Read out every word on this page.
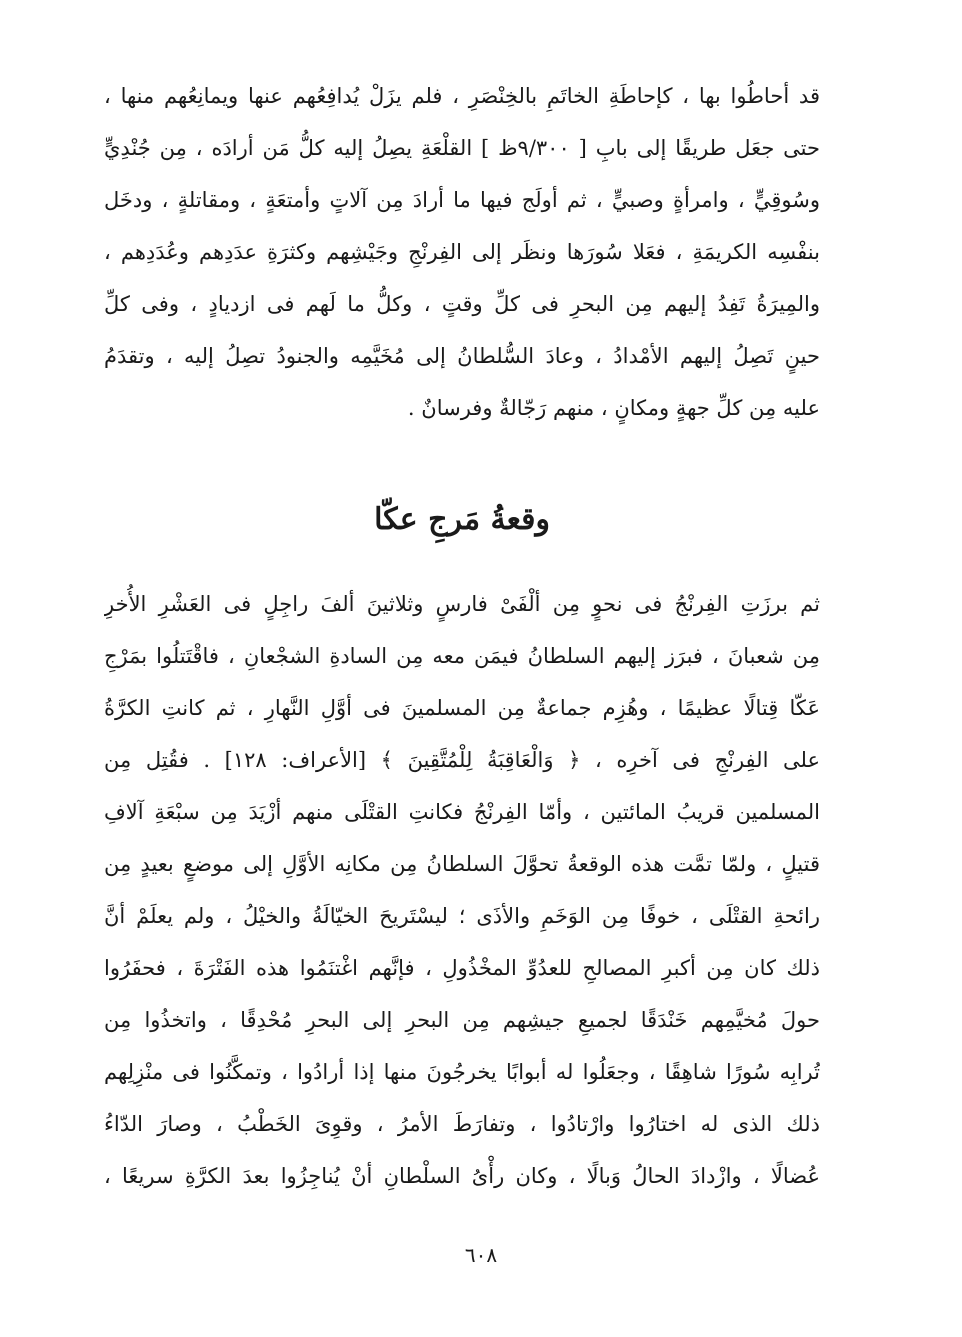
قد أحاطُوا بها ، كإحاطَةِ الخاتَمِ بالخِنْصَرِ ، فلم يزَلْ يُدافِعُهم عنها ويمانِعُهم منها ،
حتى جعَل طريقًا إلى بابِ [ ٩/٣٠٠ظ ] القلْعَةِ يصِلُ إليه كلُّ مَن أرادَه ، مِن جُنْدِيٍّ
وسُوقِيٍّ ، وامرأةٍ وصبيٍّ ، ثم أولَج فيها ما أرادَ مِن آلاتٍ وأمتعَةٍ ، ومقاتلةٍ ، ودخَل
بنفْسِه الكريمَةِ ، فعَلا سُورَها ونظَر إلى الفِرنْجِ وجَيْشِهم وكثرَةِ عدَدِهم وعُدَدِهم ،
والمِيرَةُ تَفِدُ إليهم مِن البحرِ فى كلِّ وقتٍ ، وكلُّ ما لَهم فى ازديادٍ ، وفى كلِّ
حينٍ تَصِلُ إليهم الأمْدادُ ، وعادَ السُّلطانُ إلى مُخَيَّمِه والجنودُ تصِلُ إليه ، وتقدَمُ
عليه مِن كلِّ جهةٍ ومكانٍ ، منهم رَجّالةٌ وفرسانٌ .
وقعةُ مَرجِ عكّا
ثم برزَتِ الفِرنْجُ فى نحوٍ مِن ألْفَىْ فارسٍ وثلاثينَ ألفَ راجِلٍ فى العَشْرِ الأُخرِ
مِن شعبانَ ، فبرَز إليهم السلطانُ فيمَن معه مِن السادةِ الشجْعانِ ، فاقْتَتلُوا بمَرْجِ
عَكّا قِتالًا عظيمًا ، وهُزِم جماعةٌ مِن المسلمينَ فى أوَّلِ النَّهارِ ، ثم كانتِ الكرَّةُ
على الفِرنْجِ فى آخرِه ، ﴿ وَالْعَاقِبَةُ لِلْمُتَّقِينَ ﴾ [الأعراف: ١٢٨] . فقُتِل مِن
المسلمين قريبُ المائتين ، وأمّا الفِرنْجُ فكانتِ القتْلَى منهم أزْيَدَ مِن سبْعَةِ آلافِ
قتيلٍ ، ولمّا تمَّت هذه الوقعةُ تحوَّلَ السلطانُ مِن مكانِه الأوَّلِ إلى موضعٍ بعيدٍ مِن
رائحةِ القتْلَى ، خوفًا مِن الوَخَمِ والأذَى ؛ ليسْتَريحَ الخيّالَةُ والخيْلُ ، ولم يعلَمْ أنَّ
ذلك كان مِن أكبرِ المصالحِ للعدُوِّ المخْذُولِ ، فإنَّهم اغْتنَمُوا هذه الفَتْرَةَ ، فحفَرُوا
حولَ مُخيَّمِهم خَنْدَقًا لجميعِ جيشِهم مِن البحرِ إلى البحرِ مُحْدِقًا ، واتخذُوا مِن
تُرابِه سُورًا شاهِقًا ، وجعَلُوا له أبوابًا يخرجُونَ منها إذا أرادُوا ، وتمكَّنُوا فى منْزِلِهم
ذلك الذى له اختارُوا وارْتادُوا ، وتفارَطَ الأمرُ ، وقوِىَ الخَطْبُ ، وصارَ الدّاءُ
عُضالًا ، وازْدادَ الحالُ وَبالًا ، وكان رأْىُ السلْطانِ أنْ يُناجِزُوا بعدَ الكرَّةِ سريعًا ،
٦٠٨
